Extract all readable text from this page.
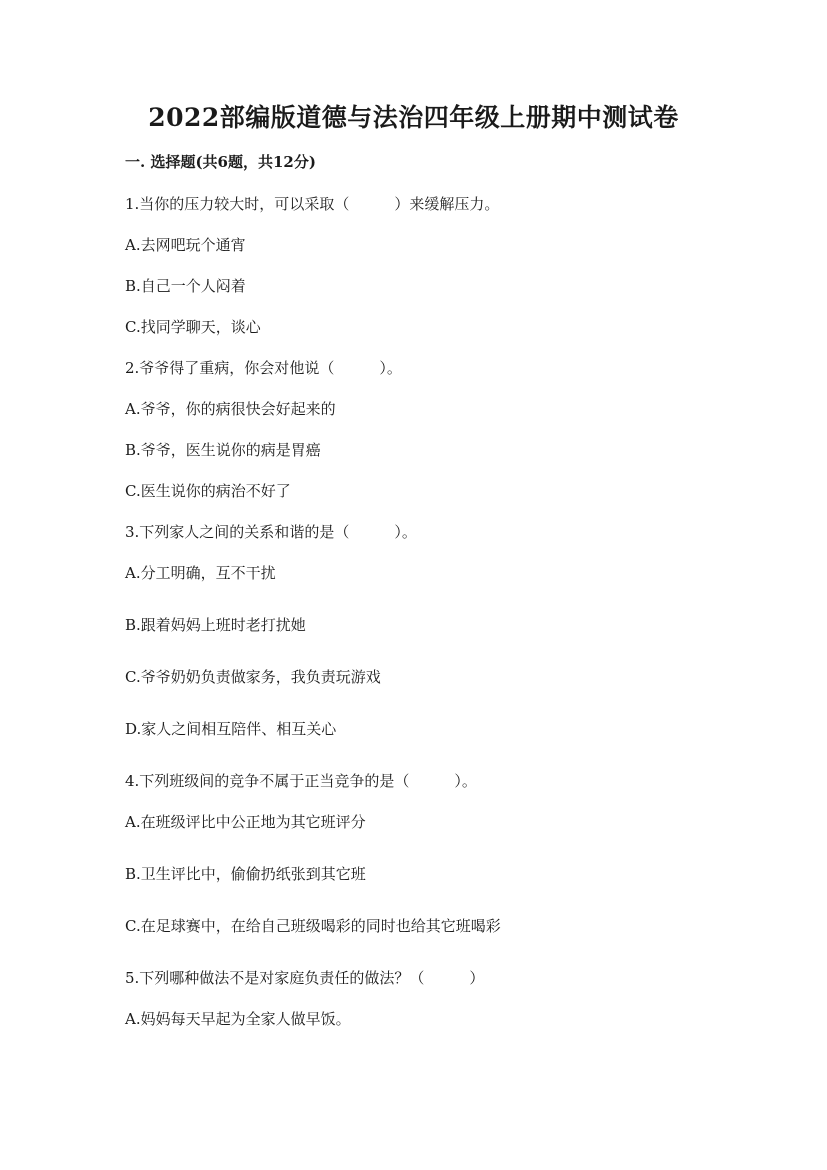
2022部编版道德与法治四年级上册期中测试卷
一. 选择题(共6题，共12分)
1.当你的压力较大时，可以采取（　　　）来缓解压力。
A.去网吧玩个通宵
B.自己一个人闷着
C.找同学聊天，谈心
2.爷爷得了重病，你会对他说（　　　）。
A.爷爷，你的病很快会好起来的
B.爷爷，医生说你的病是胃癌
C.医生说你的病治不好了
3.下列家人之间的关系和谐的是（　　　）。
A.分工明确，互不干扰
B.跟着妈妈上班时老打扰她
C.爷爷奶奶负责做家务，我负责玩游戏
D.家人之间相互陪伴、相互关心
4.下列班级间的竞争不属于正当竞争的是（　　　）。
A.在班级评比中公正地为其它班评分
B.卫生评比中，偷偷扔纸张到其它班
C.在足球赛中，在给自己班级喝彩的同时也给其它班喝彩
5.下列哪种做法不是对家庭负责任的做法？（　　　）
A.妈妈每天早起为全家人做早饭。
